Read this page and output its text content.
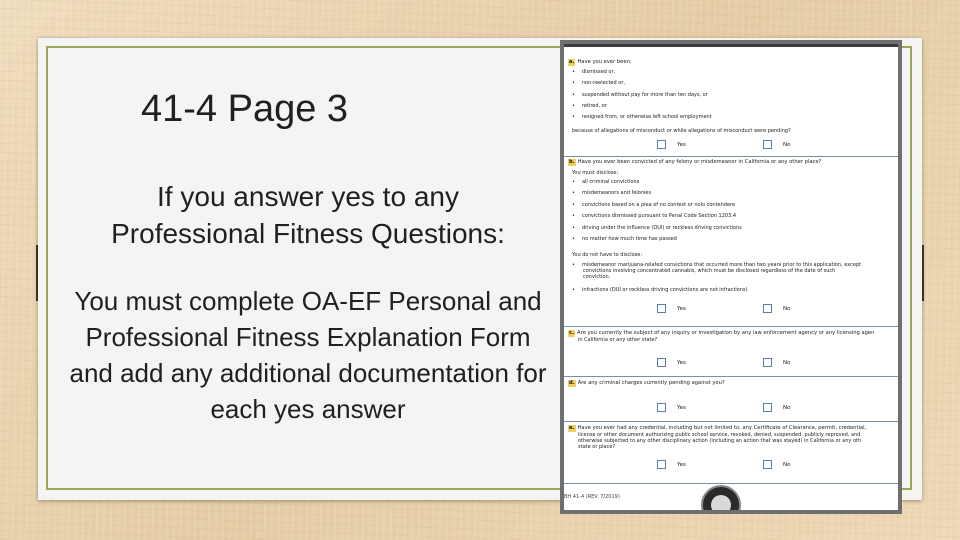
41-4 Page 3
If you answer yes to any Professional Fitness Questions:
You must complete OA-EF Personal and Professional Fitness Explanation Form and add any additional documentation for each yes answer
a. Have you ever been:
• dismissed or,
• non-reelected or,
• suspended without pay for more than ten days, or
• retired, or
• resigned from, or otherwise left school employment
because of allegations of misconduct or while allegations of misconduct were pending?
Yes	No
b. Have you ever been convicted of any felony or misdemeanor in California or any other place?
You must disclose:
• all criminal convictions
• misdemeanors and felonies
• convictions based on a plea of no contest or nolo contendere
• convictions dismissed pursuant to Penal Code Section 1203.4
• driving under the influence (DUI) or reckless driving convictions
• no matter how much time has passed
You do not have to disclose:
• misdemeanor marijuana-related convictions that occurred more than two years prior to this application, except
convictions involving concentrated cannabis, which must be disclosed regardless of the date of such
conviction.
• infractions (DUI or reckless driving convictions are not infractions)
Yes	No
c. Are you currently the subject of any inquiry or investigation by any law enforcement agency or any licensing agen
in California or any other state?
Yes	No
d. Are any criminal charges currently pending against you?
Yes	No
e. Have you ever had any credential, including but not limited to, any Certificate of Clearance, permit, credential,
license or other document authorizing public school service, revoked, denied, suspended, publicly reproved, and
otherwise subjected to any other disciplinary action (including an action that was stayed) in California or any oth
state or place?
Yes	No
BH 41-4 (REV. 7/2019)
